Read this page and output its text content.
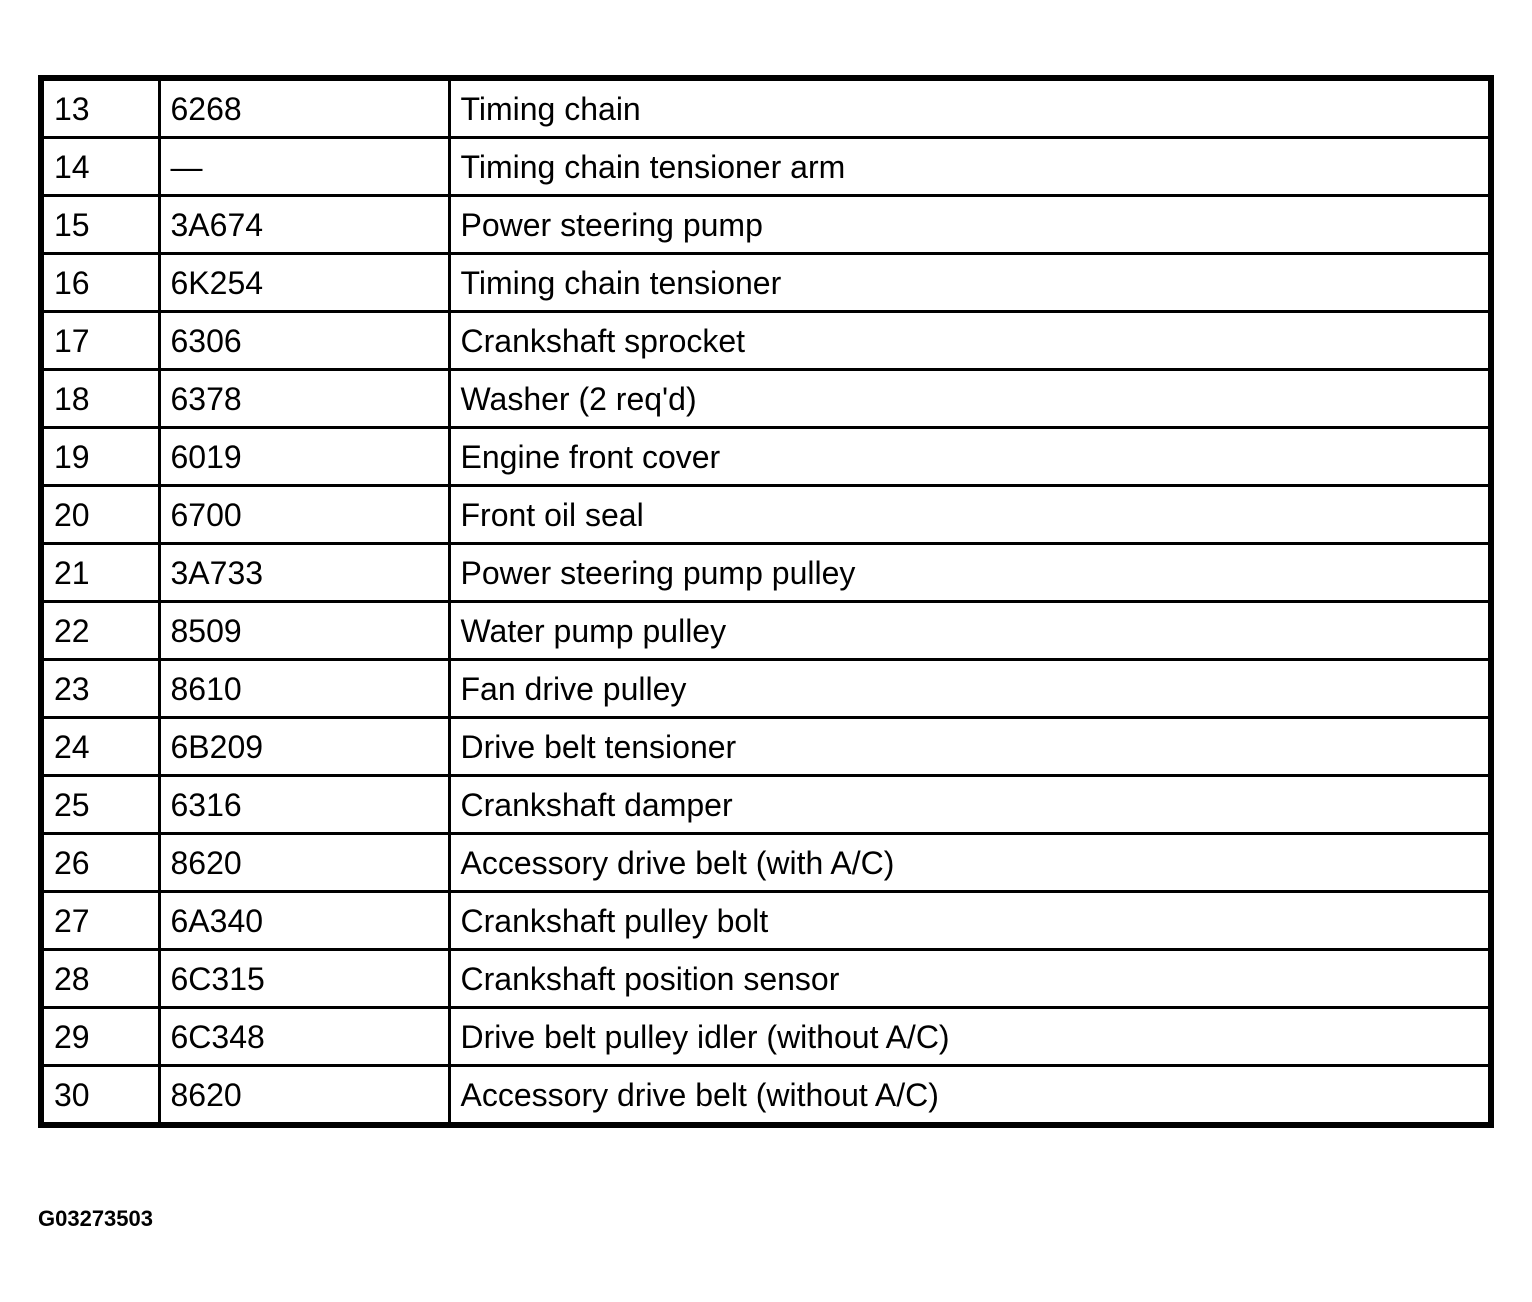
13	6268	Timing chain
14	—	Timing chain tensioner arm
15	3A674	Power steering pump
16	6K254	Timing chain tensioner
17	6306	Crankshaft sprocket
18	6378	Washer (2 req'd)
19	6019	Engine front cover
20	6700	Front oil seal
21	3A733	Power steering pump pulley
22	8509	Water pump pulley
23	8610	Fan drive pulley
24	6B209	Drive belt tensioner
25	6316	Crankshaft damper
26	8620	Accessory drive belt (with A/C)
27	6A340	Crankshaft pulley bolt
28	6C315	Crankshaft position sensor
29	6C348	Drive belt pulley idler (without A/C)
30	8620	Accessory drive belt (without A/C)
G03273503
